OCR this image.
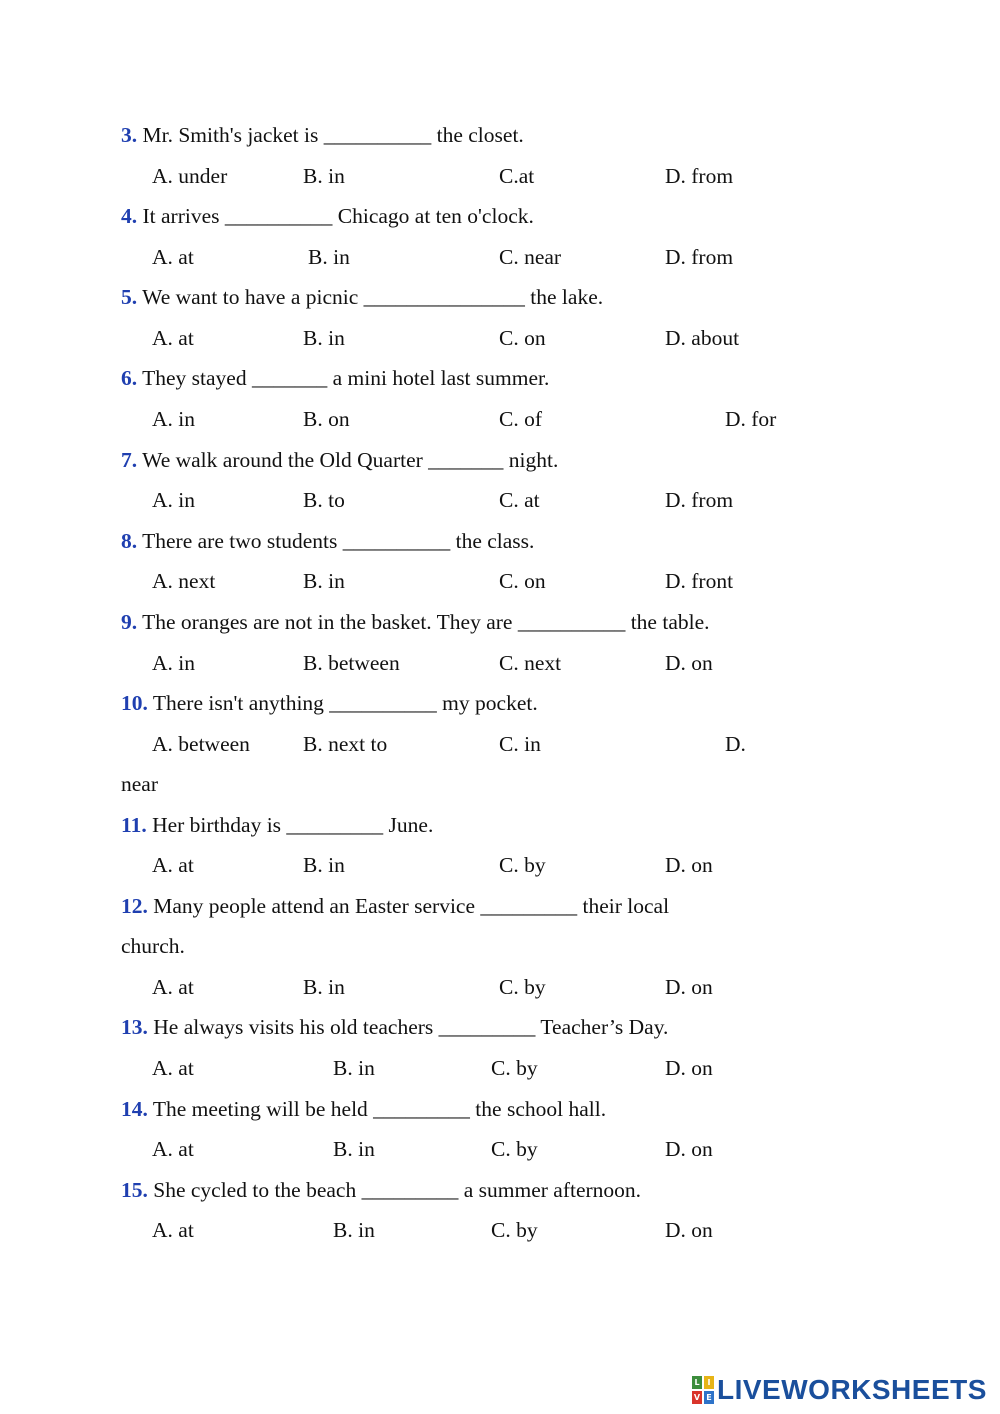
3. Mr. Smith's jacket is __________ the closet.
A. under	B. in	C.at	D. from
4. It arrives __________ Chicago at ten o'clock.
A. at	B. in	C. near	D. from
5. We want to have a picnic _______________ the lake.
A. at	B. in	C. on	D. about
6. They stayed _______ a mini hotel last summer.
A. in	B. on	C. of	D. for
7. We walk around the Old Quarter _______ night.
A. in	B. to	C. at	D. from
8. There are two students __________ the class.
A. next	B. in	C. on	D. front
9. The oranges are not in the basket. They are __________ the table.
A. in	B. between	C. next	D. on
10. There isn't anything __________ my pocket.
A. between B. next to	C. in	D.
near
11. Her birthday is _________ June.
A. at	B. in	C. by	D. on
12. Many people attend an Easter service _________ their local
church.
A. at	B. in	C. by	D. on
13. He always visits his old teachers _________ Teacher’s Day.
A. at	B. in	C. by	D. on
14. The meeting will be held _________ the school hall.
A. at	B. in	C. by	D. on
15. She cycled to the beach _________ a summer afternoon.
A. at	B. in	C. by	D. on
L I
V E LIVEWORKSHEETS
